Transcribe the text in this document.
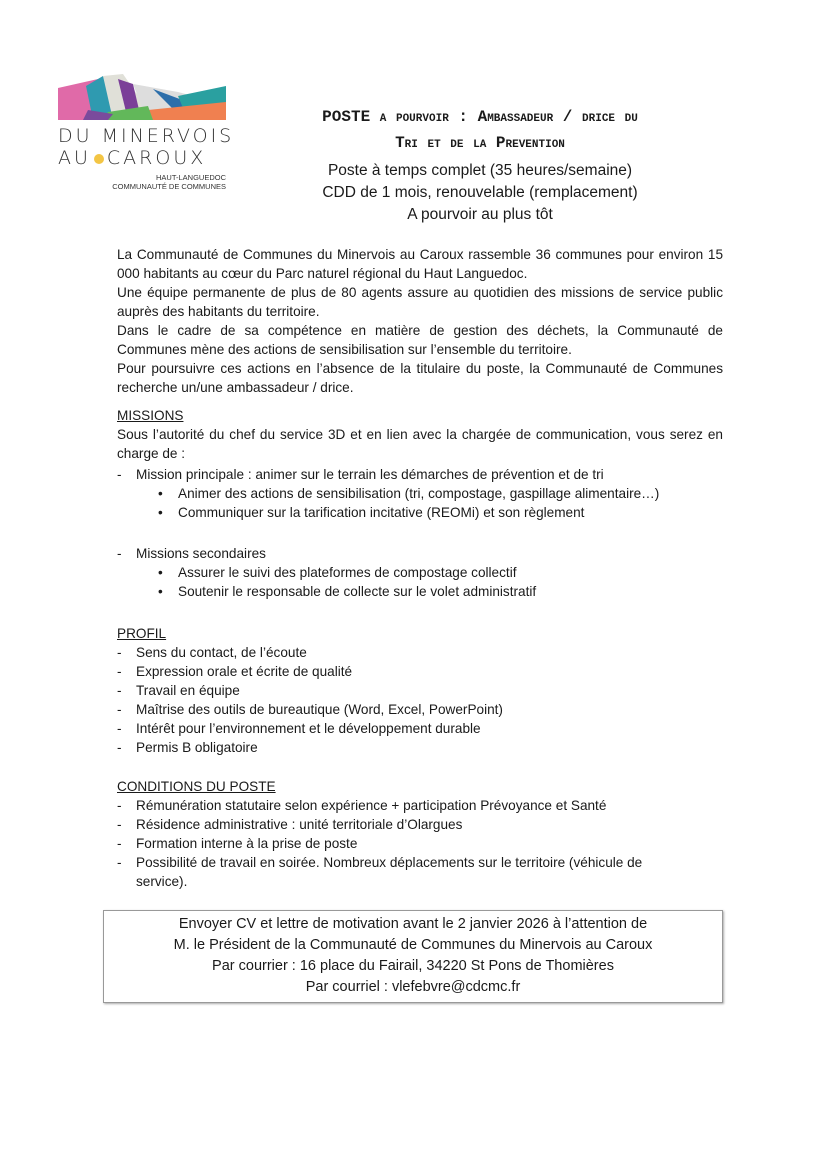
DU MINERVOIS
AU CAROUX
HAUT-LANGUEDOC
COMMUNAUTÉ DE COMMUNES
POSTE a pourvoir : Ambassadeur / drice du
Tri et de la Prevention
Poste à temps complet (35 heures/semaine)
CDD de 1 mois, renouvelable (remplacement)
A pourvoir au plus tôt

La Communauté de Communes du Minervois au Caroux rassemble 36 communes pour environ 15 000 habitants au cœur du Parc naturel régional du Haut Languedoc.

Une équipe permanente de plus de 80 agents assure au quotidien des missions de service public auprès des habitants du territoire.

Dans le cadre de sa compétence en matière de gestion des déchets, la Communauté de Communes mène des actions de sensibilisation sur l’ensemble du territoire.

Pour poursuivre ces actions en l’absence de la titulaire du poste, la Communauté de Communes recherche un/une ambassadeur / drice.

MISSIONS

Sous l’autorité du chef du service 3D et en lien avec la chargée de communication, vous serez en charge de :

- Mission principale : animer sur le terrain les démarches de prévention et de tri
• Animer des actions de sensibilisation (tri, compostage, gaspillage alimentaire…)
• Communiquer sur la tarification incitative (REOMi) et son règlement
- Missions secondaires
• Assurer le suivi des plateformes de compostage collectif
• Soutenir le responsable de collecte sur le volet administratif

PROFIL

- Sens du contact, de l’écoute
- Expression orale et écrite de qualité
- Travail en équipe
- Maîtrise des outils de bureautique (Word, Excel, PowerPoint)
- Intérêt pour l’environnement et le développement durable
- Permis B obligatoire

CONDITIONS DU POSTE

- Rémunération statutaire selon expérience + participation Prévoyance et Santé
- Résidence administrative : unité territoriale d’Olargues
- Formation interne à la prise de poste
- Possibilité de travail en soirée. Nombreux déplacements sur le territoire (véhicule de service).
Envoyer CV et lettre de motivation avant le 2 janvier 2026 à l’attention de
M. le Président de la Communauté de Communes du Minervois au Caroux
Par courrier : 16 place du Fairail, 34220 St Pons de Thomières
Par courriel : vlefebvre@cdcmc.fr
